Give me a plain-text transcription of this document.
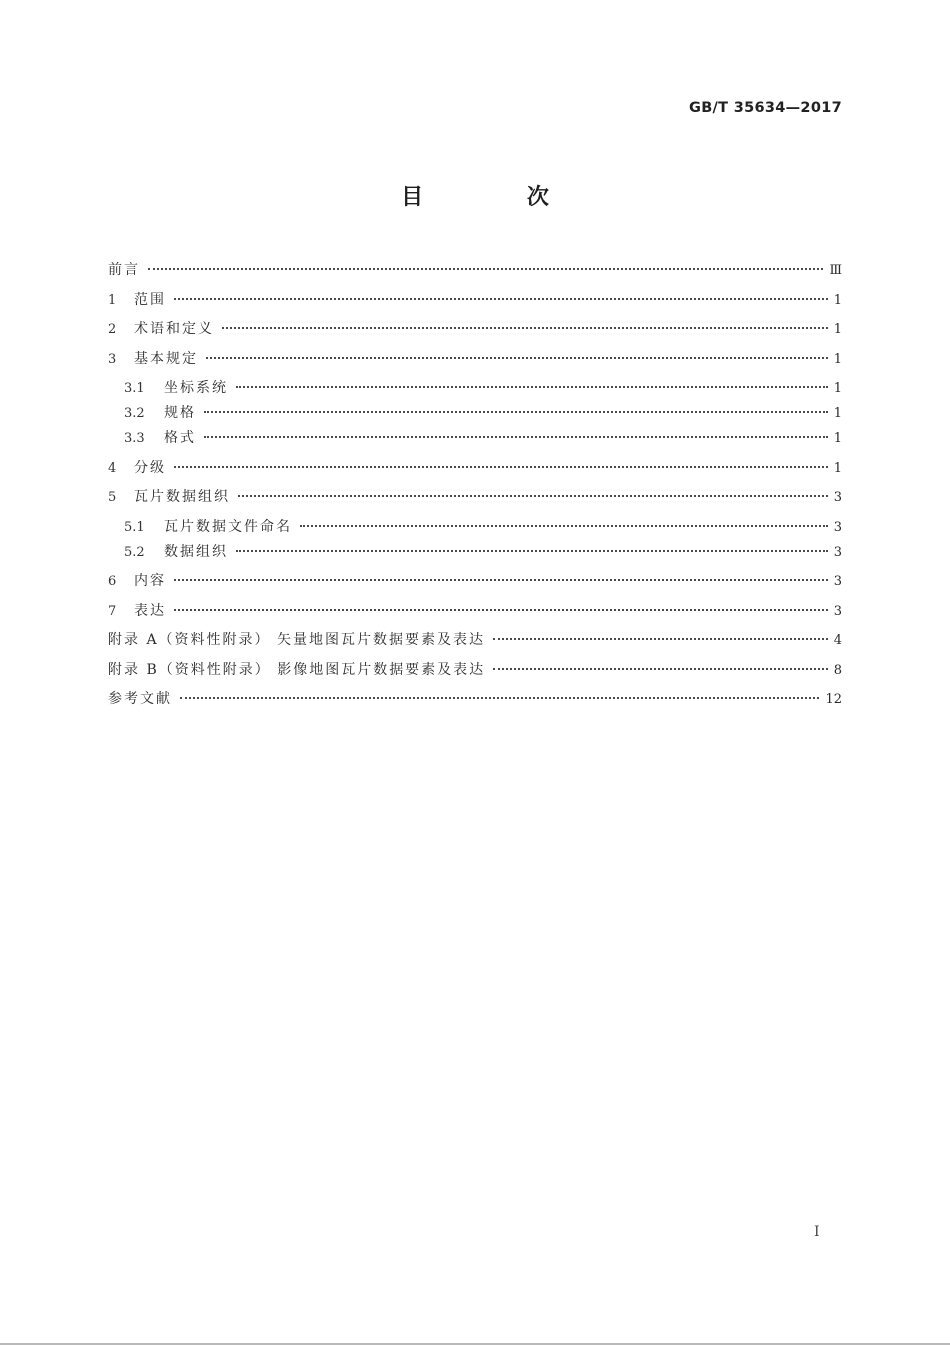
GB/T 35634—2017
目 次
前言	Ⅲ
1	范围	1
2	术语和定义	1
3	基本规定	1
3.1	坐标系统	1
3.2	规格	1
3.3	格式	1
4	分级	1
5	瓦片数据组织	3
5.1	瓦片数据文件命名	3
5.2	数据组织	3
6	内容	3
7	表达	3
附录 A（资料性附录） 矢量地图瓦片数据要素及表达	4
附录 B（资料性附录） 影像地图瓦片数据要素及表达	8
参考文献	12
I
